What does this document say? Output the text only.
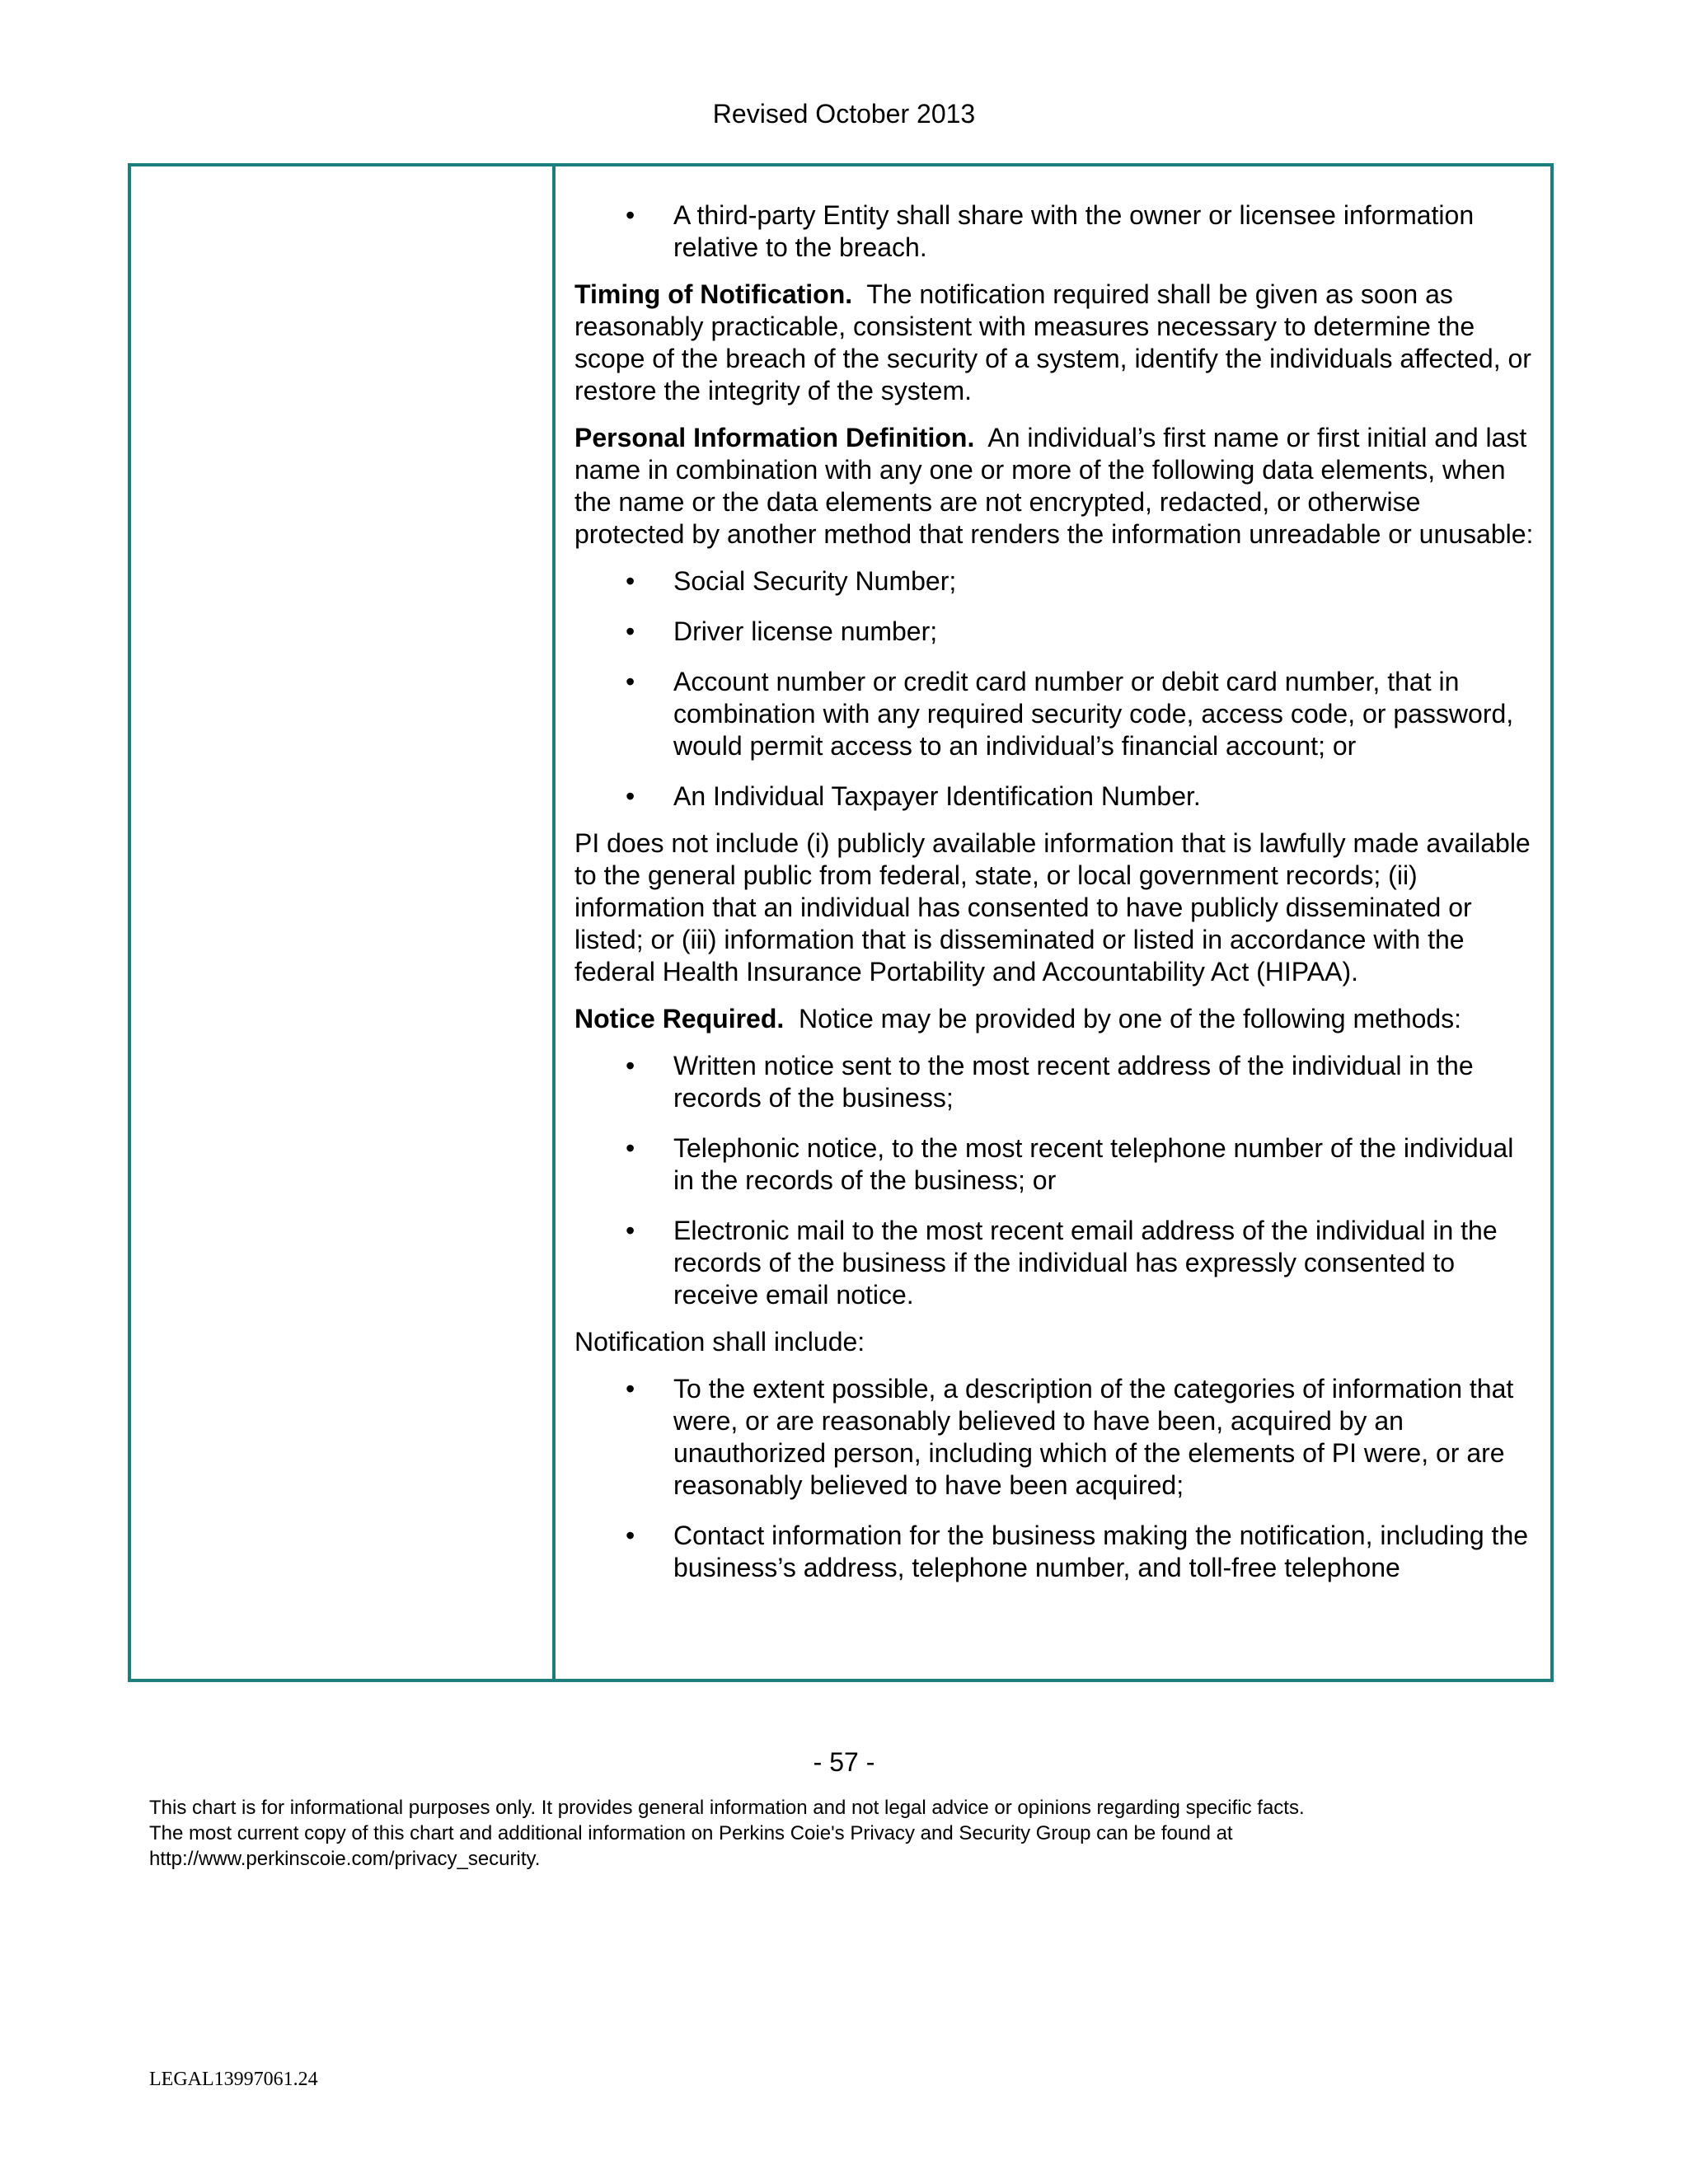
Revised October 2013
• A third-party Entity shall share with the owner or licensee information relative to the breach.

Timing of Notification. The notification required shall be given as soon as reasonably practicable, consistent with measures necessary to determine the scope of the breach of the security of a system, identify the individuals affected, or restore the integrity of the system.

Personal Information Definition. An individual’s first name or first initial and last name in combination with any one or more of the following data elements, when the name or the data elements are not encrypted, redacted, or otherwise protected by another method that renders the information unreadable or unusable:

• Social Security Number;
• Driver license number;
• Account number or credit card number or debit card number, that in combination with any required security code, access code, or password, would permit access to an individual’s financial account; or
• An Individual Taxpayer Identification Number.

PI does not include (i) publicly available information that is lawfully made available to the general public from federal, state, or local government records; (ii) information that an individual has consented to have publicly disseminated or listed; or (iii) information that is disseminated or listed in accordance with the federal Health Insurance Portability and Accountability Act (HIPAA).

Notice Required. Notice may be provided by one of the following methods:

• Written notice sent to the most recent address of the individual in the records of the business;
• Telephonic notice, to the most recent telephone number of the individual in the records of the business; or
• Electronic mail to the most recent email address of the individual in the records of the business if the individual has expressly consented to receive email notice.

Notification shall include:

• To the extent possible, a description of the categories of information that were, or are reasonably believed to have been, acquired by an unauthorized person, including which of the elements of PI were, or are reasonably believed to have been acquired;
• Contact information for the business making the notification, including the business’s address, telephone number, and toll-free telephone
- 57 -
This chart is for informational purposes only. It provides general information and not legal advice or opinions regarding specific facts.
The most current copy of this chart and additional information on Perkins Coie's Privacy and Security Group can be found at
http://www.perkinscoie.com/privacy_security.
LEGAL13997061.24
